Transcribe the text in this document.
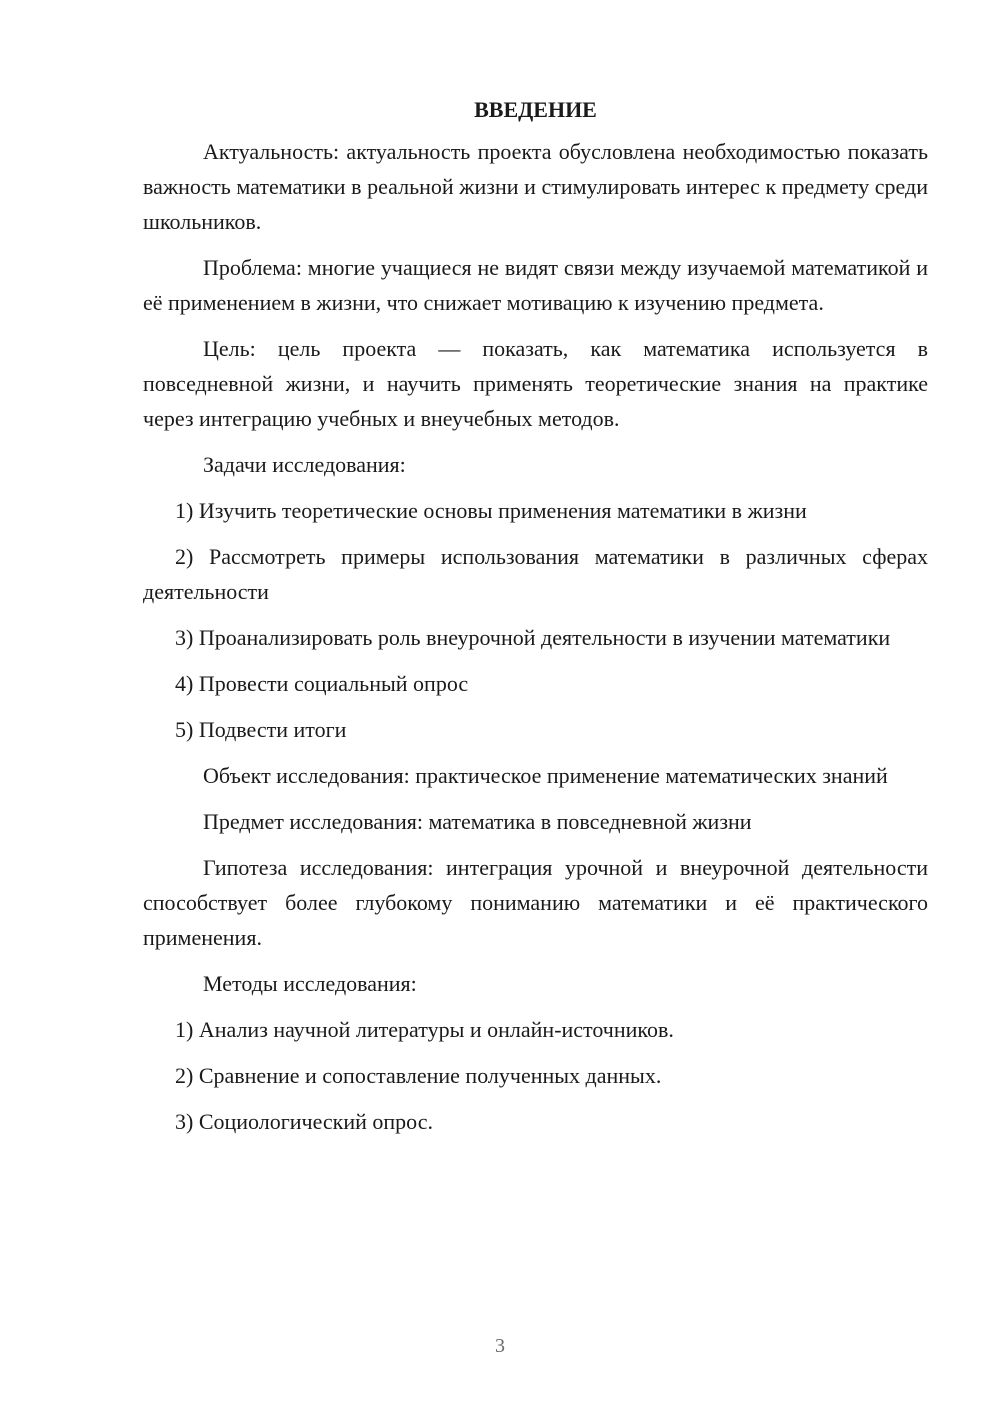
ВВЕДЕНИЕ

Актуальность: актуальность проекта обусловлена необходимостью показать важность математики в реальной жизни и стимулировать интерес к предмету среди школьников.

Проблема: многие учащиеся не видят связи между изучаемой математикой и её применением в жизни, что снижает мотивацию к изучению предмета.

Цель: цель проекта — показать, как математика используется в повседневной жизни, и научить применять теоретические знания на практике через интеграцию учебных и внеучебных методов.

Задачи исследования:

1) Изучить теоретические основы применения математики в жизни

2) Рассмотреть примеры использования математики в различных сферах деятельности

3) Проанализировать роль внеурочной деятельности в изучении математики

4) Провести социальный опрос

5) Подвести итоги

Объект исследования: практическое применение математических знаний

Предмет исследования: математика в повседневной жизни

Гипотеза исследования: интеграция урочной и внеурочной деятельности способствует более глубокому пониманию математики и её практического применения.

Методы исследования:

1) Анализ научной литературы и онлайн-источников.

2) Сравнение и сопоставление полученных данных.

3) Социологический опрос.

3
